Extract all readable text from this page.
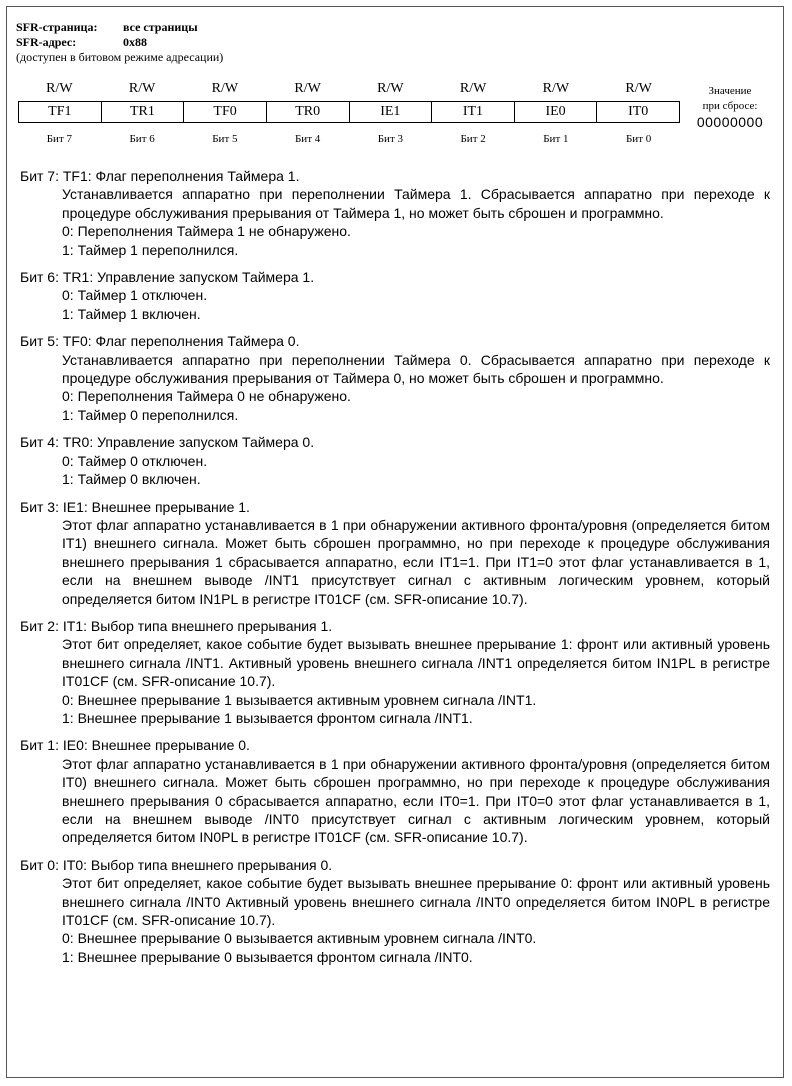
SFR-страница: все страницы
SFR-адрес:	0x88
(доступен в битовом режиме адресации)
R/W	R/W	R/W	R/W	R/W	R/W	R/W	R/W
TF1	TR1	TF0	TR0	IE1	IT1	IE0	IT0
Бит 7	Бит 6	Бит 5	Бит 4	Бит 3	Бит 2	Бит 1	Бит 0
Значение
при сбросе:
00000000
Бит 7: TF1: Флаг переполнения Таймера 1.
Устанавливается аппаратно при переполнении Таймера 1. Сбрасывается аппаратно при переходе к процедуре обслуживания прерывания от Таймера 1, но может быть сброшен и программно.
0: Переполнения Таймера 1 не обнаружено.
1: Таймер 1 переполнился.
Бит 6: TR1: Управление запуском Таймера 1.
0: Таймер 1 отключен.
1: Таймер 1 включен.
Бит 5: TF0: Флаг переполнения Таймера 0.
Устанавливается аппаратно при переполнении Таймера 0. Сбрасывается аппаратно при переходе к процедуре обслуживания прерывания от Таймера 0, но может быть сброшен и программно.
0: Переполнения Таймера 0 не обнаружено.
1: Таймер 0 переполнился.
Бит 4: TR0: Управление запуском Таймера 0.
0: Таймер 0 отключен.
1: Таймер 0 включен.
Бит 3: IE1: Внешнее прерывание 1.
Этот флаг аппаратно устанавливается в 1 при обнаружении активного фронта/уровня (определяется битом IT1) внешнего сигнала. Может быть сброшен программно, но при переходе к процедуре обслуживания внешнего прерывания 1 сбрасывается аппаратно, если IT1=1. При IT1=0 этот флаг устанавливается в 1, если на внешнем выводе /INT1 присутствует сигнал с активным логическим уровнем, который определяется битом IN1PL в регистре IT01CF (см. SFR-описание 10.7).
Бит 2: IT1: Выбор типа внешнего прерывания 1.
Этот бит определяет, какое событие будет вызывать внешнее прерывание 1: фронт или активный уровень внешнего сигнала /INT1. Активный уровень внешнего сигнала /INT1 определяется битом IN1PL в регистре IT01CF (см. SFR-описание 10.7).
0: Внешнее прерывание 1 вызывается активным уровнем сигнала /INT1.
1: Внешнее прерывание 1 вызывается фронтом сигнала /INT1.
Бит 1: IE0: Внешнее прерывание 0.
Этот флаг аппаратно устанавливается в 1 при обнаружении активного фронта/уровня (определяется битом IT0) внешнего сигнала. Может быть сброшен программно, но при переходе к процедуре обслуживания внешнего прерывания 0 сбрасывается аппаратно, если IT0=1. При IT0=0 этот флаг устанавливается в 1, если на внешнем выводе /INT0 присутствует сигнал с активным логическим уровнем, который определяется битом IN0PL в регистре IT01CF (см. SFR-описание 10.7).
Бит 0: IT0: Выбор типа внешнего прерывания 0.
Этот бит определяет, какое событие будет вызывать внешнее прерывание 0: фронт или активный уровень внешнего сигнала /INT0 Активный уровень внешнего сигнала /INT0 определяется битом IN0PL в регистре IT01CF (см. SFR-описание 10.7).
0: Внешнее прерывание 0 вызывается активным уровнем сигнала /INT0.
1: Внешнее прерывание 0 вызывается фронтом сигнала /INT0.
